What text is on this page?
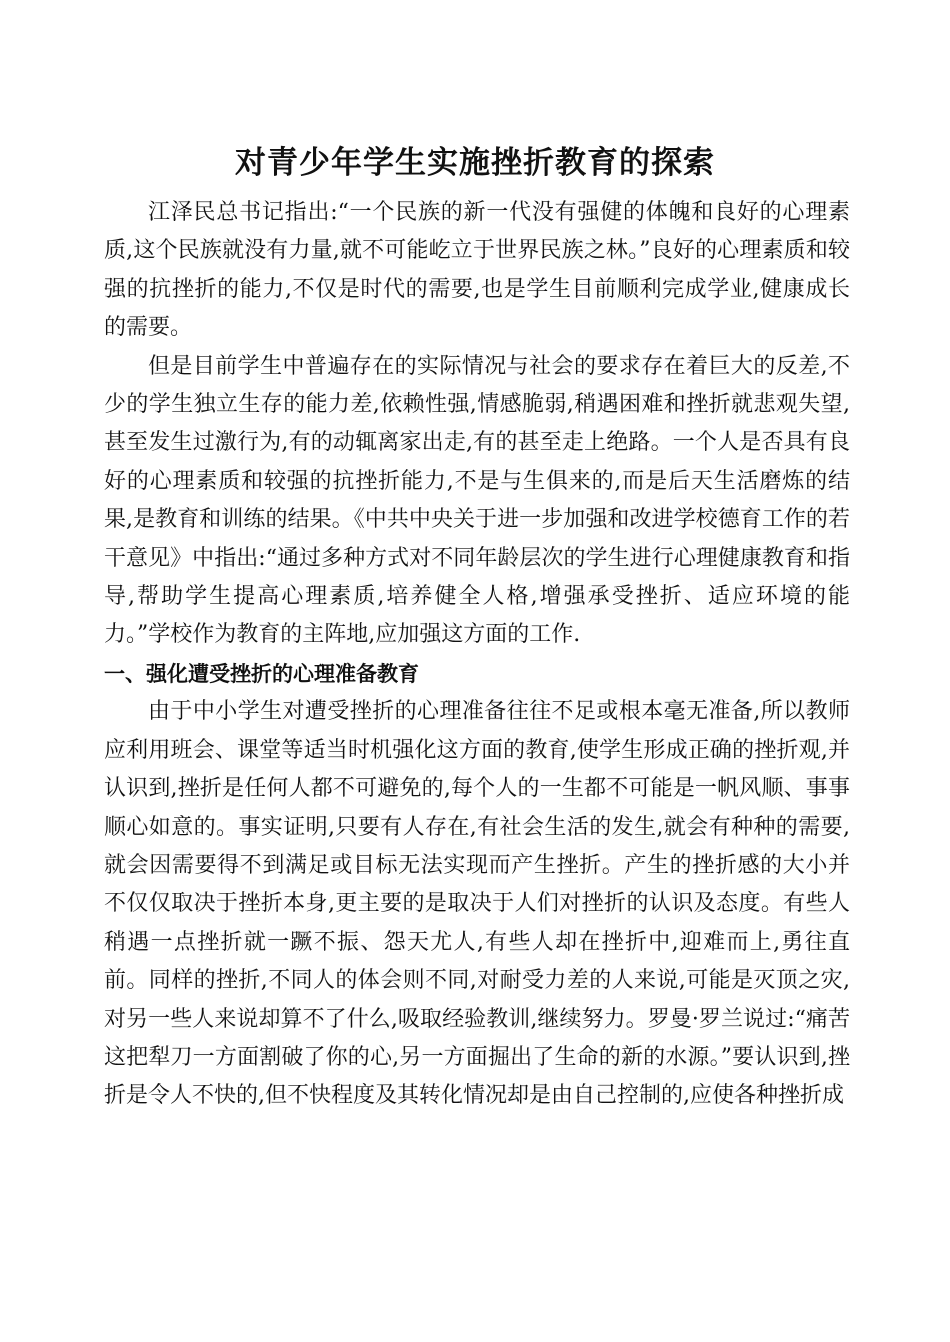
对青少年学生实施挫折教育的探索

江泽民总书记指出:“一个民族的新一代没有强健的体魄和良好的心理素质,这个民族就没有力量,就不可能屹立于世界民族之林。”良好的心理素质和较强的抗挫折的能力,不仅是时代的需要,也是学生目前顺利完成学业,健康成长的需要。

但是目前学生中普遍存在的实际情况与社会的要求存在着巨大的反差,不少的学生独立生存的能力差,依赖性强,情感脆弱,稍遇困难和挫折就悲观失望,甚至发生过激行为,有的动辄离家出走,有的甚至走上绝路。一个人是否具有良好的心理素质和较强的抗挫折能力,不是与生俱来的,而是后天生活磨炼的结果,是教育和训练的结果。《中共中央关于进一步加强和改进学校德育工作的若干意见》中指出:“通过多种方式对不同年龄层次的学生进行心理健康教育和指导,帮助学生提高心理素质,培养健全人格,增强承受挫折、适应环境的能力。”学校作为教育的主阵地,应加强这方面的工作.

一、强化遭受挫折的心理准备教育

由于中小学生对遭受挫折的心理准备往往不足或根本毫无准备,所以教师应利用班会、课堂等适当时机强化这方面的教育,使学生形成正确的挫折观,并认识到,挫折是任何人都不可避免的,每个人的一生都不可能是一帆风顺、事事顺心如意的。事实证明,只要有人存在,有社会生活的发生,就会有种种的需要,就会因需要得不到满足或目标无法实现而产生挫折。产生的挫折感的大小并不仅仅取决于挫折本身,更主要的是取决于人们对挫折的认识及态度。有些人稍遇一点挫折就一蹶不振、怨天尤人,有些人却在挫折中,迎难而上,勇往直前。同样的挫折,不同人的体会则不同,对耐受力差的人来说,可能是灭顶之灾,对另一些人来说却算不了什么,吸取经验教训,继续努力。罗曼·罗兰说过:“痛苦这把犁刀一方面割破了你的心,另一方面掘出了生命的新的水源。”要认识到,挫折是令人不快的,但不快程度及其转化情况却是由自己控制的,应使各种挫折成
